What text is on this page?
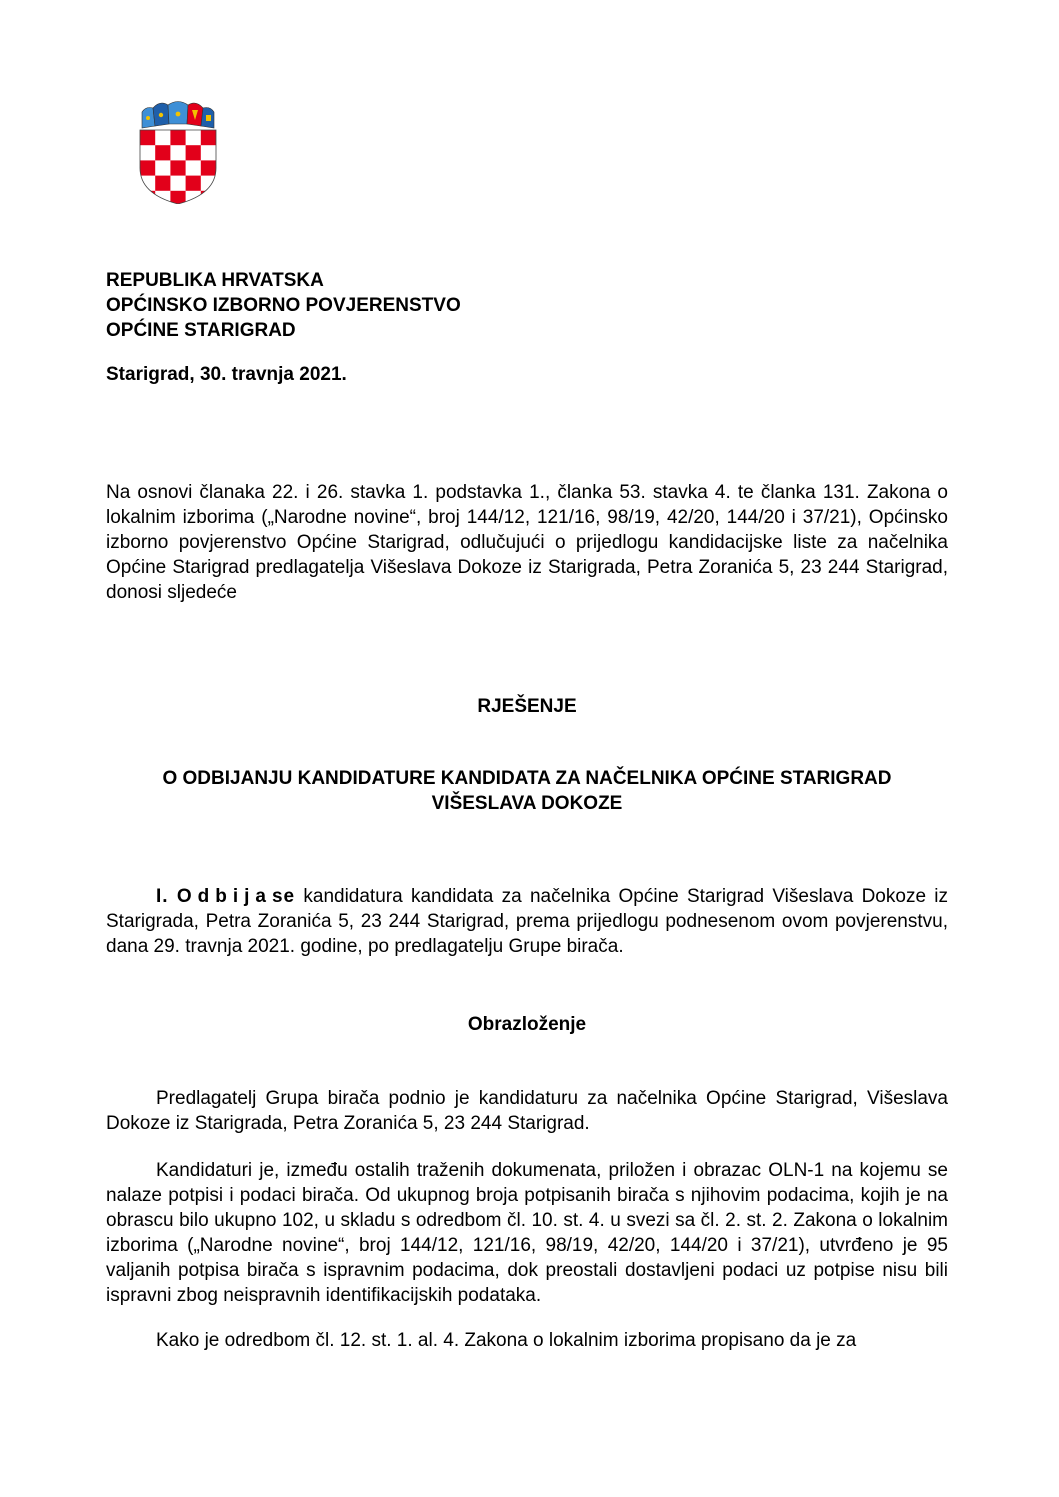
REPUBLIKA HRVATSKA
OPĆINSKO IZBORNO POVJERENSTVO
OPĆINE STARIGRAD
Starigrad, 30. travnja 2021.
Na osnovi članaka 22. i 26. stavka 1. podstavka 1., članka 53. stavka 4. te članka 131. Zakona o lokalnim izborima („Narodne novine“, broj 144/12, 121/16, 98/19, 42/20, 144/20 i 37/21), Općinsko izborno povjerenstvo Općine Starigrad, odlučujući o prijedlogu kandidacijske liste za načelnika Općine Starigrad predlagatelja Višeslava Dokoze iz Starigrada, Petra Zoranića 5, 23 244 Starigrad, donosi sljedeće
RJEŠENJE
O ODBIJANJU KANDIDATURE KANDIDATA ZA NAČELNIKA OPĆINE STARIGRAD
VIŠESLAVA DOKOZE
I. Odbijase kandidatura kandidata za načelnika Općine Starigrad Višeslava Dokoze iz Starigrada, Petra Zoranića 5, 23 244 Starigrad, prema prijedlogu podnesenom ovom povjerenstvu, dana 29. travnja 2021. godine, po predlagatelju Grupe birača.
Obrazloženje
Predlagatelj Grupa birača podnio je kandidaturu za načelnika Općine Starigrad, Višeslava Dokoze iz Starigrada, Petra Zoranića 5, 23 244 Starigrad.
Kandidaturi je, između ostalih traženih dokumenata, priložen i obrazac OLN-1 na kojemu se nalaze potpisi i podaci birača. Od ukupnog broja potpisanih birača s njihovim podacima, kojih je na obrascu bilo ukupno 102, u skladu s odredbom čl. 10. st. 4. u svezi sa čl. 2. st. 2. Zakona o lokalnim izborima („Narodne novine“, broj 144/12, 121/16, 98/19, 42/20, 144/20 i 37/21), utvrđeno je 95 valjanih potpisa birača s ispravnim podacima, dok preostali dostavljeni podaci uz potpise nisu bili ispravni zbog neispravnih identifikacijskih podataka.
Kako je odredbom čl. 12. st. 1. al. 4. Zakona o lokalnim izborima propisano da je za
